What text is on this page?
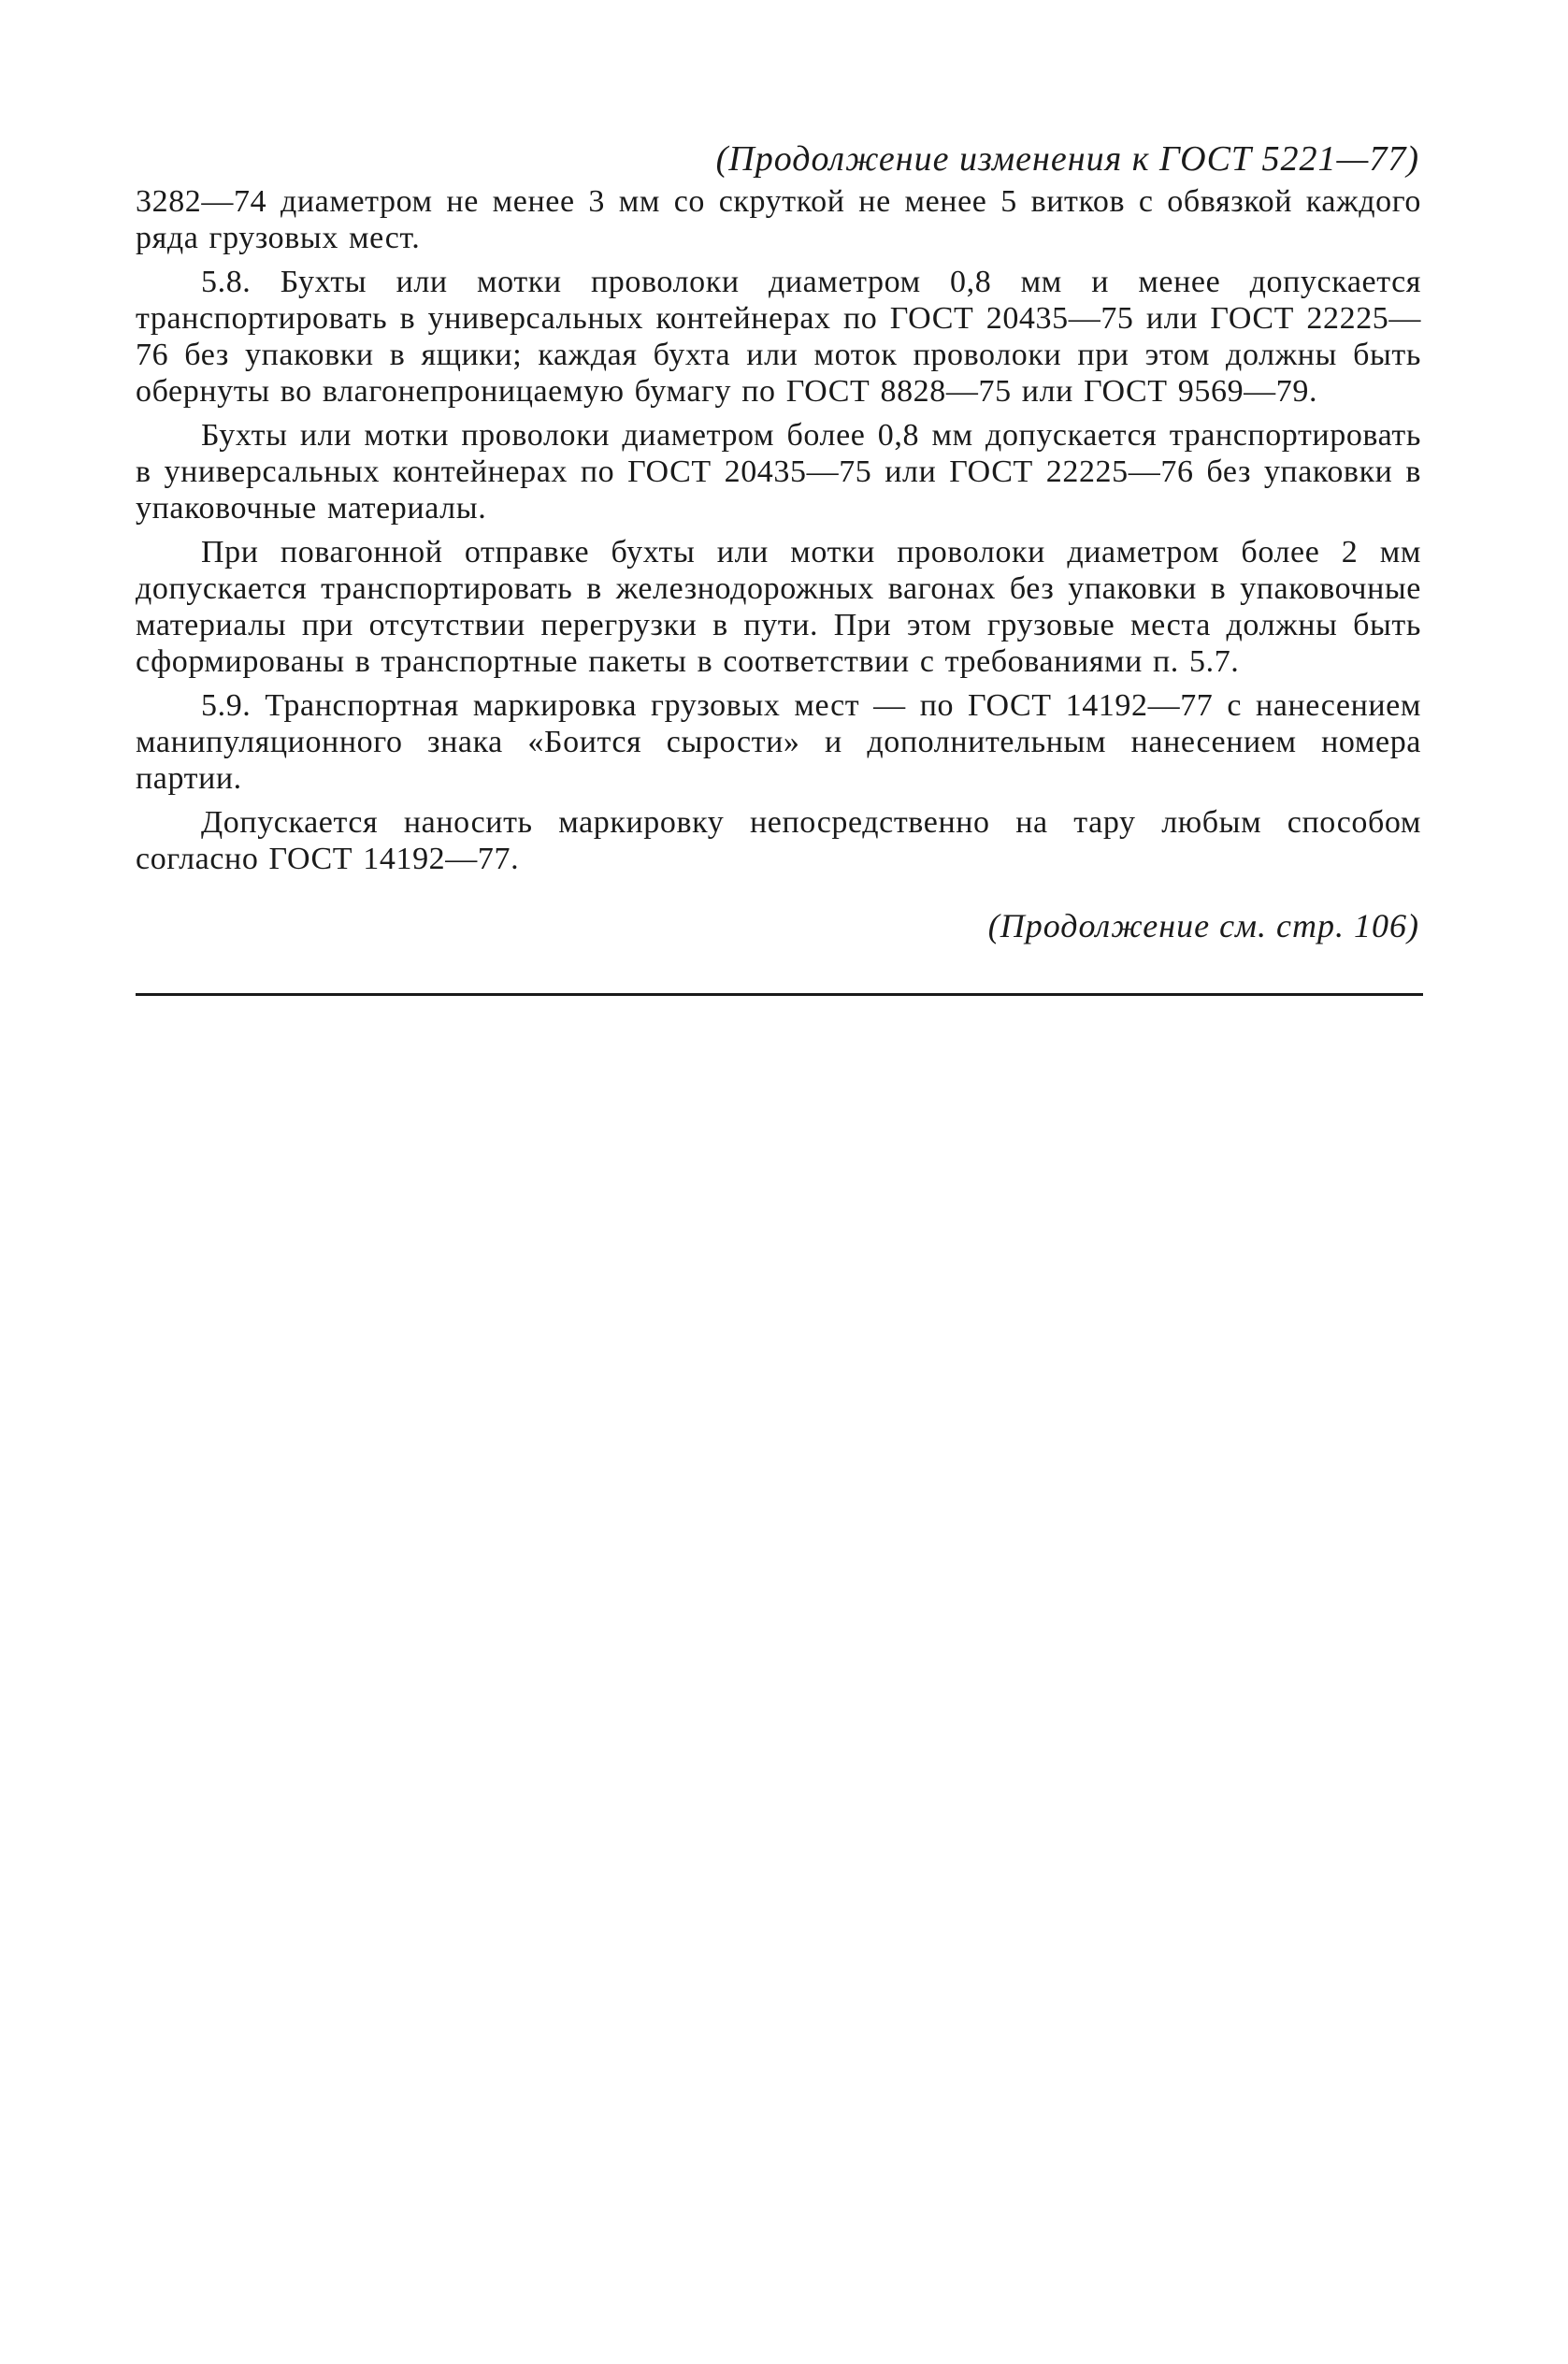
(Продолжение изменения к ГОСТ 5221—77)

3282—74 диаметром не менее 3 мм со скруткой не менее 5 витков с обвязкой каждого ряда грузовых мест.

5.8. Бухты или мотки проволоки диаметром 0,8 мм и менее допускается транспортировать в универсальных контейнерах по ГОСТ 20435—75 или ГОСТ 22225—76 без упаковки в ящики; каждая бухта или моток проволоки при этом должны быть обернуты во влагонепроницаемую бумагу по ГОСТ 8828—75 или ГОСТ 9569—79.

Бухты или мотки проволоки диаметром более 0,8 мм допускается транспортировать в универсальных контейнерах по ГОСТ 20435—75 или ГОСТ 22225—76 без упаковки в упаковочные материалы.

При повагонной отправке бухты или мотки проволоки диаметром более 2 мм допускается транспортировать в железнодорожных вагонах без упаковки в упаковочные материалы при отсутствии перегрузки в пути. При этом грузовые места должны быть сформированы в транспортные пакеты в соответствии с требованиями п. 5.7.

5.9. Транспортная маркировка грузовых мест — по ГОСТ 14192—77 с нанесением манипуляционного знака «Боится сырости» и дополнительным нанесением номера партии.

Допускается наносить маркировку непосредственно на тару любым способом согласно ГОСТ 14192—77.

(Продолжение см. стр. 106)
